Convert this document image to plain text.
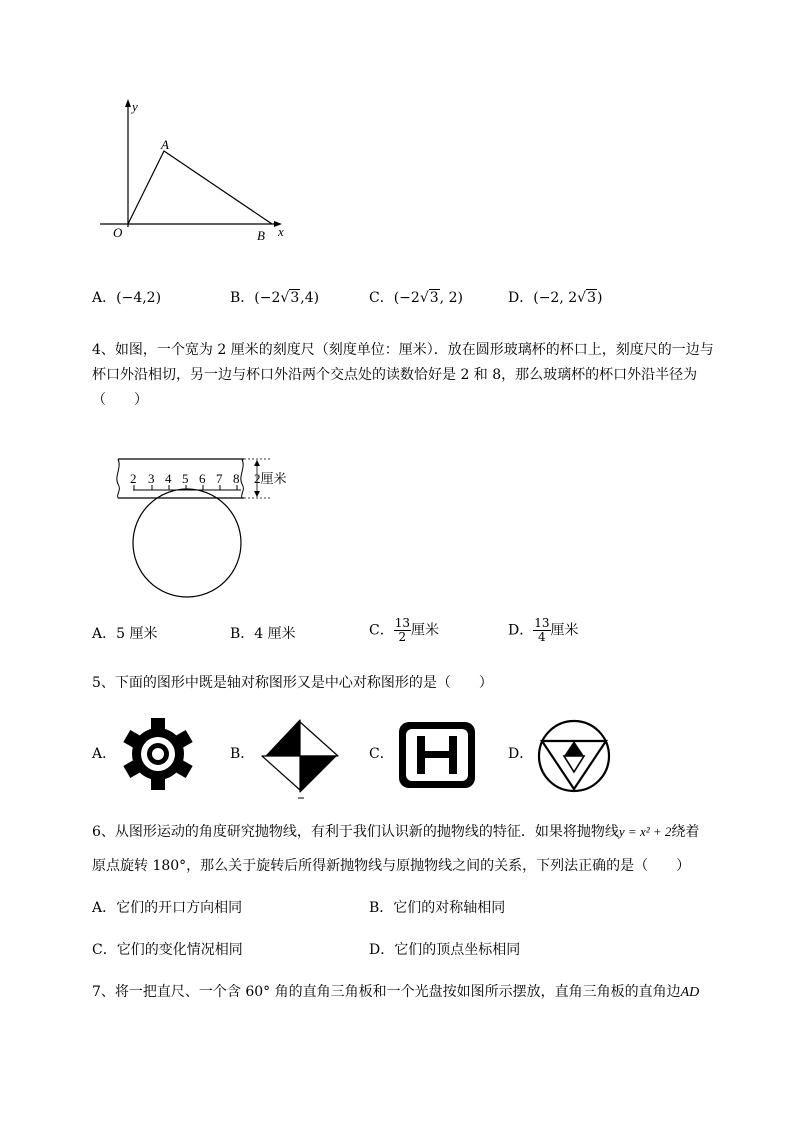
y
A
O	B x
A．(−4,2)	B．(−2√3,4)	C．(−2√3, 2)	D．(−2, 2√3)
4、如图，一个宽为 2 厘米的刻度尺（刻度单位：厘米）．放在圆形玻璃杯的杯口上，刻度尺的一边与
杯口外沿相切，另一边与杯口外沿两个交点处的读数恰好是 2 和 8，那么玻璃杯的杯口外沿半径为
（　　）
2 3 4 5 6 7 8 2厘米
A．5 厘米	B．4 厘米	C． $\frac{13}{2}$ 厘米	D． $\frac{13}{4}$ 厘米
5、下面的图形中既是轴对称图形又是中心对称图形的是（　　）
A．	B．	C．	D．
6、从图形运动的角度研究抛物线，有利于我们认识新的抛物线的特征．如果将抛物线y = x² + 2绕着
原点旋转 180°，那么关于旋转后所得新抛物线与原抛物线之间的关系，下列法正确的是（　　）
A．它们的开口方向相同	B．它们的对称轴相同
C．它们的变化情况相同	D．它们的顶点坐标相同
7、将一把直尺、一个含 60° 角的直角三角板和一个光盘按如图所示摆放，直角三角板的直角边AD
